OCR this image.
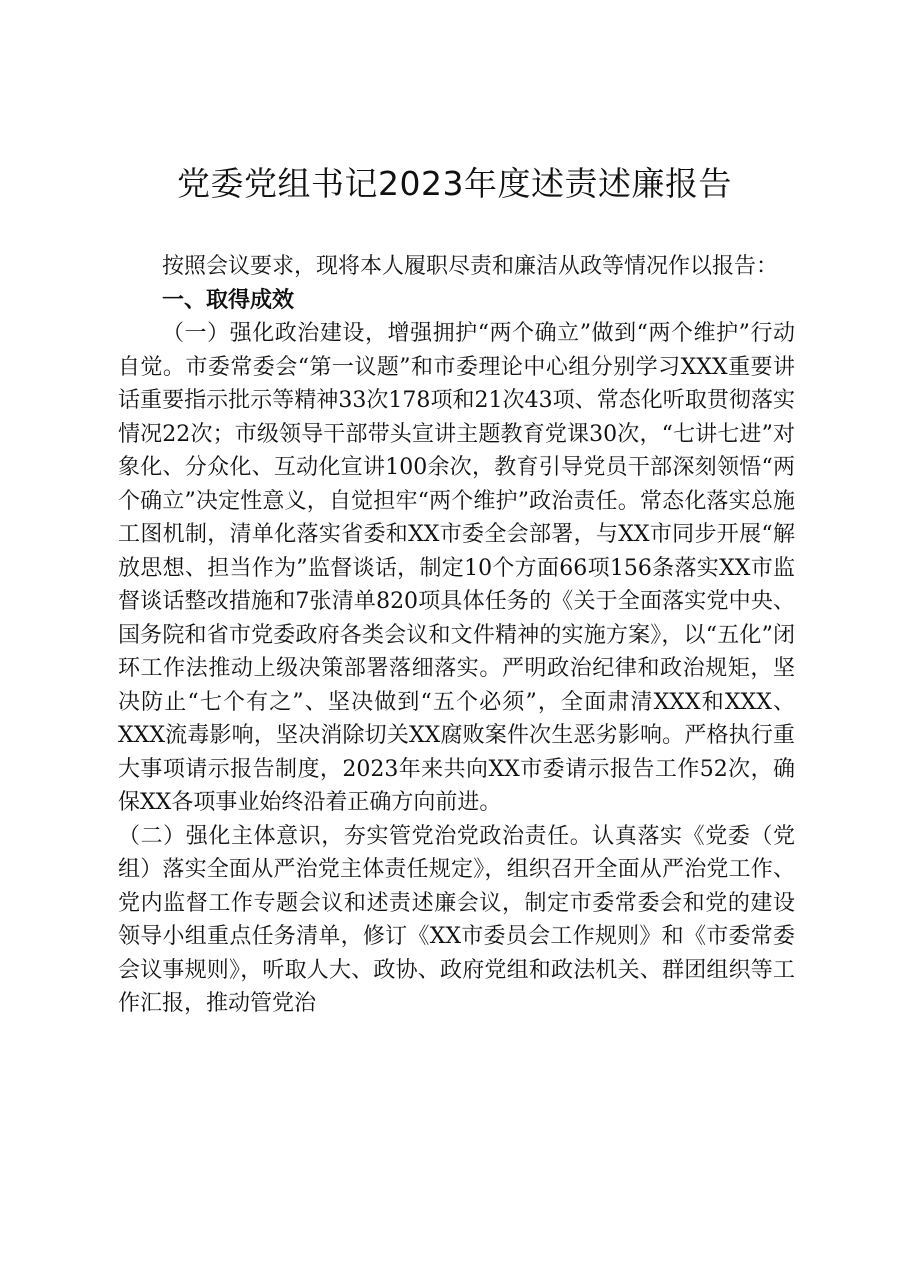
党委党组书记2023年度述责述廉报告

按照会议要求，现将本人履职尽责和廉洁从政等情况作以报告：

一、取得成效

（一）强化政治建设，增强拥护“两个确立”做到“两个维护”行动自觉。市委常委会“第一议题”和市委理论中心组分别学习XXX重要讲话重要指示批示等精神33次178项和21次43项、常态化听取贯彻落实情况22次；市级领导干部带头宣讲主题教育党课30次，“七讲七进”对象化、分众化、互动化宣讲100余次，教育引导党员干部深刻领悟“两个确立”决定性意义，自觉担牢“两个维护”政治责任。常态化落实总施工图机制，清单化落实省委和XX市委全会部署，与XX市同步开展“解放思想、担当作为”监督谈话，制定10个方面66项156条落实XX市监督谈话整改措施和7张清单820项具体任务的《关于全面落实党中央、国务院和省市党委政府各类会议和文件精神的实施方案》，以“五化”闭环工作法推动上级决策部署落细落实。严明政治纪律和政治规矩，坚决防止“七个有之”、坚决做到“五个必须”，全面肃清XXX和XXX、XXX流毒影响，坚决消除切关XX腐败案件次生恶劣影响。严格执行重大事项请示报告制度，2023年来共向XX市委请示报告工作52次，确保XX各项事业始终沿着正确方向前进。

（二）强化主体意识，夯实管党治党政治责任。认真落实《党委（党组）落实全面从严治党主体责任规定》，组织召开全面从严治党工作、党内监督工作专题会议和述责述廉会议，制定市委常委会和党的建设领导小组重点任务清单，修订《XX市委员会工作规则》和《市委常委会议事规则》，听取人大、政协、政府党组和政法机关、群团组织等工作汇报，推动管党治
